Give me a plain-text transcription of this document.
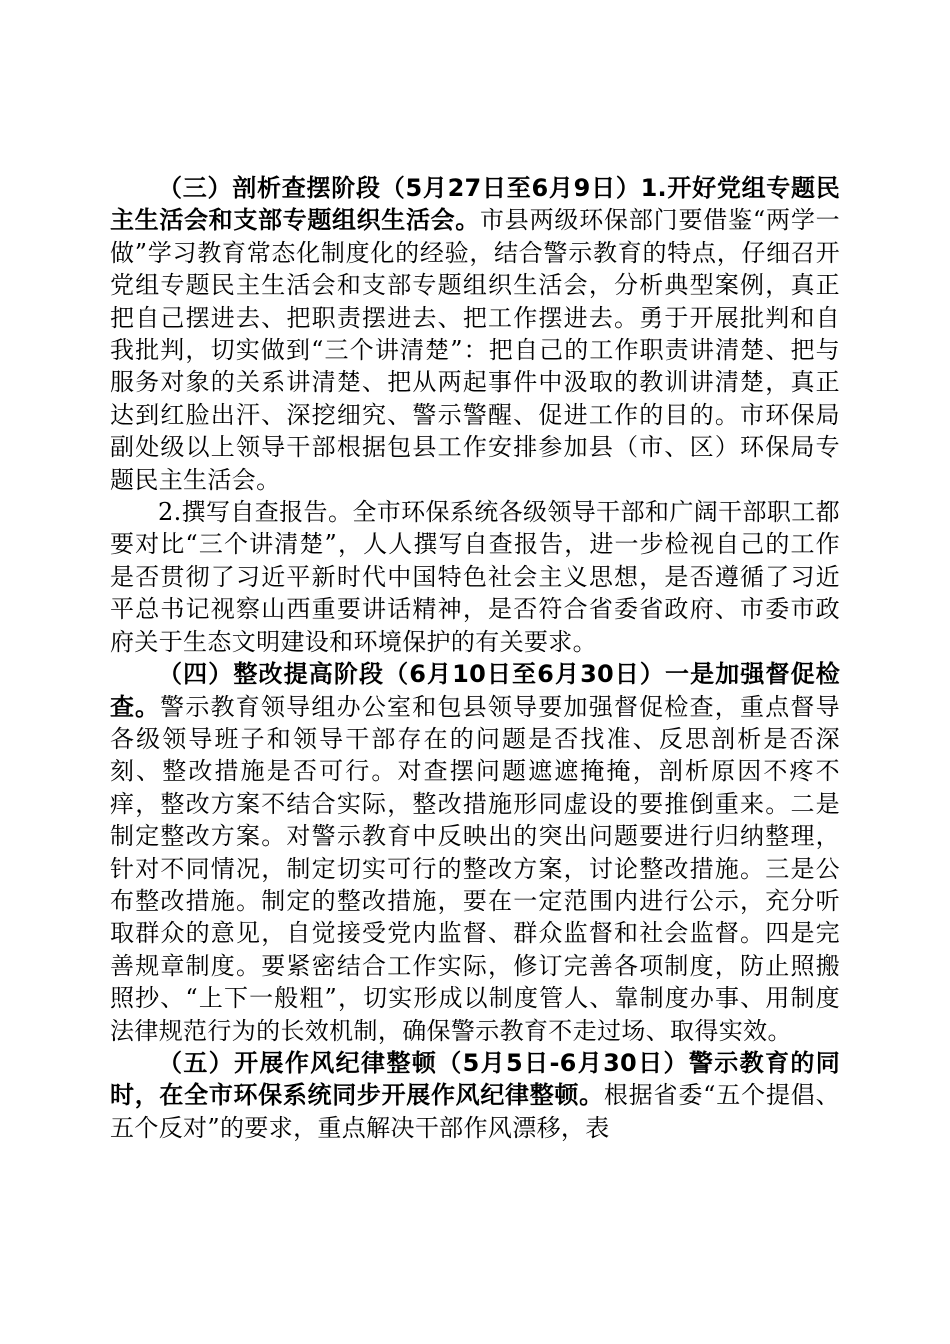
（三）剖析查摆阶段（5月27日至6月9日）1.开好党组专题民主生活会和支部专题组织生活会。市县两级环保部门要借鉴“两学一做”学习教育常态化制度化的经验，结合警示教育的特点，仔细召开党组专题民主生活会和支部专题组织生活会，分析典型案例，真正把自己摆进去、把职责摆进去、把工作摆进去。勇于开展批判和自我批判，切实做到“三个讲清楚”：把自己的工作职责讲清楚、把与服务对象的关系讲清楚、把从两起事件中汲取的教训讲清楚，真正达到红脸出汗、深挖细究、警示警醒、促进工作的目的。市环保局副处级以上领导干部根据包县工作安排参加县（市、区）环保局专题民主生活会。

2.撰写自查报告。全市环保系统各级领导干部和广阔干部职工都要对比“三个讲清楚”，人人撰写自查报告，进一步检视自己的工作是否贯彻了习近平新时代中国特色社会主义思想，是否遵循了习近平总书记视察山西重要讲话精神，是否符合省委省政府、市委市政府关于生态文明建设和环境保护的有关要求。

（四）整改提高阶段（6月10日至6月30日）一是加强督促检查。警示教育领导组办公室和包县领导要加强督促检查，重点督导各级领导班子和领导干部存在的问题是否找准、反思剖析是否深刻、整改措施是否可行。对查摆问题遮遮掩掩，剖析原因不疼不痒，整改方案不结合实际，整改措施形同虚设的要推倒重来。二是制定整改方案。对警示教育中反映出的突出问题要进行归纳整理，针对不同情况，制定切实可行的整改方案，讨论整改措施。三是公布整改措施。制定的整改措施，要在一定范围内进行公示，充分听取群众的意见，自觉接受党内监督、群众监督和社会监督。四是完善规章制度。要紧密结合工作实际，修订完善各项制度，防止照搬照抄、“上下一般粗”，切实形成以制度管人、靠制度办事、用制度法律规范行为的长效机制，确保警示教育不走过场、取得实效。

（五）开展作风纪律整顿（5月5日-6月30日）警示教育的同时，在全市环保系统同步开展作风纪律整顿。根据省委“五个提倡、五个反对”的要求，重点解决干部作风漂移，表
